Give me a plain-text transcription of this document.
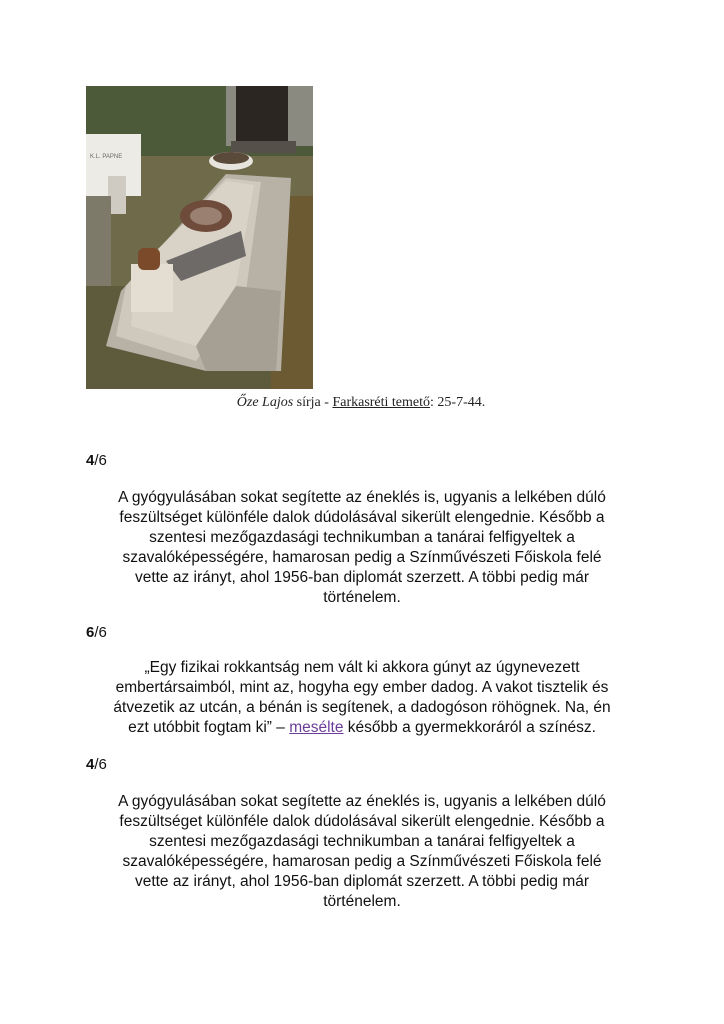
K.L. PAPNE
Őze Lajos sírja - Farkasréti temető: 25-7-44.
4/6

A gyógyulásában sokat segítette az éneklés is, ugyanis a lelkében dúló

feszültséget különféle dalok dúdolásával sikerült elengednie. Később a

szentesi mezőgazdasági technikumban a tanárai felfigyeltek a

szavalóképességére, hamarosan pedig a Színművészeti Főiskola felé

vette az irányt, ahol 1956-ban diplomát szerzett. A többi pedig már

történelem.

6/6

„Egy fizikai rokkantság nem vált ki akkora gúnyt az úgynevezett

embertársaimból, mint az, hogyha egy ember dadog. A vakot tisztelik és

átvezetik az utcán, a bénán is segítenek, a dadogóson röhögnek. Na, én

ezt utóbbit fogtam ki” – mesélte később a gyermekkoráról a színész.

4/6

A gyógyulásában sokat segítette az éneklés is, ugyanis a lelkében dúló

feszültséget különféle dalok dúdolásával sikerült elengednie. Később a

szentesi mezőgazdasági technikumban a tanárai felfigyeltek a

szavalóképességére, hamarosan pedig a Színművészeti Főiskola felé

vette az irányt, ahol 1956-ban diplomát szerzett. A többi pedig már

történelem.
